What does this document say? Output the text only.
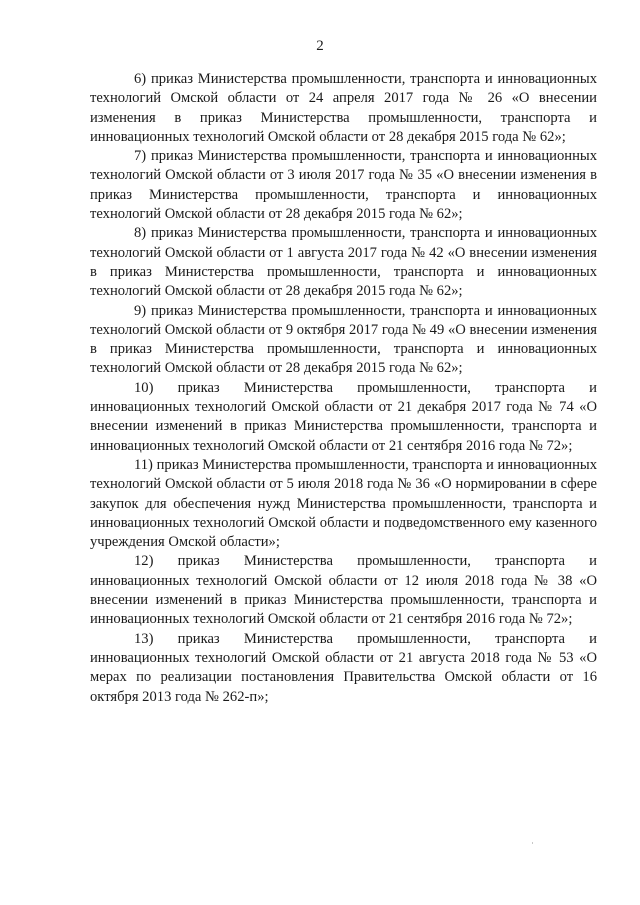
2

6) приказ Министерства промышленности, транспорта и инновационных технологий Омской области от 24 апреля 2017 года № 26 «О внесении изменения в приказ Министерства промышленности, транспорта и инновационных технологий Омской области от 28 декабря 2015 года № 62»;

7) приказ Министерства промышленности, транспорта и инновационных технологий Омской области от 3 июля 2017 года № 35 «О внесении изменения в приказ Министерства промышленности, транспорта и инновационных технологий Омской области от 28 декабря 2015 года № 62»;

8) приказ Министерства промышленности, транспорта и инновационных технологий Омской области от 1 августа 2017 года № 42 «О внесении изменения в приказ Министерства промышленности, транспорта и инновационных технологий Омской области от 28 декабря 2015 года № 62»;

9) приказ Министерства промышленности, транспорта и инновационных технологий Омской области от 9 октября 2017 года № 49 «О внесении изменения в приказ Министерства промышленности, транспорта и инновационных технологий Омской области от 28 декабря 2015 года № 62»;

10) приказ Министерства промышленности, транспорта и инновационных технологий Омской области от 21 декабря 2017 года № 74 «О внесении изменений в приказ Министерства промышленности, транспорта и инновационных технологий Омской области от 21 сентября 2016 года № 72»;

11) приказ Министерства промышленности, транспорта и инновационных технологий Омской области от 5 июля 2018 года № 36 «О нормировании в сфере закупок для обеспечения нужд Министерства промышленности, транспорта и инновационных технологий Омской области и подведомственного ему казенного учреждения Омской области»;

12) приказ Министерства промышленности, транспорта и инновационных технологий Омской области от 12 июля 2018 года № 38 «О внесении изменений в приказ Министерства промышленности, транспорта и инновационных технологий Омской области от 21 сентября 2016 года № 72»;

13) приказ Министерства промышленности, транспорта и инновационных технологий Омской области от 21 августа 2018 года № 53 «О мерах по реализации постановления Правительства Омской области от 16 октября 2013 года № 262-п»;
